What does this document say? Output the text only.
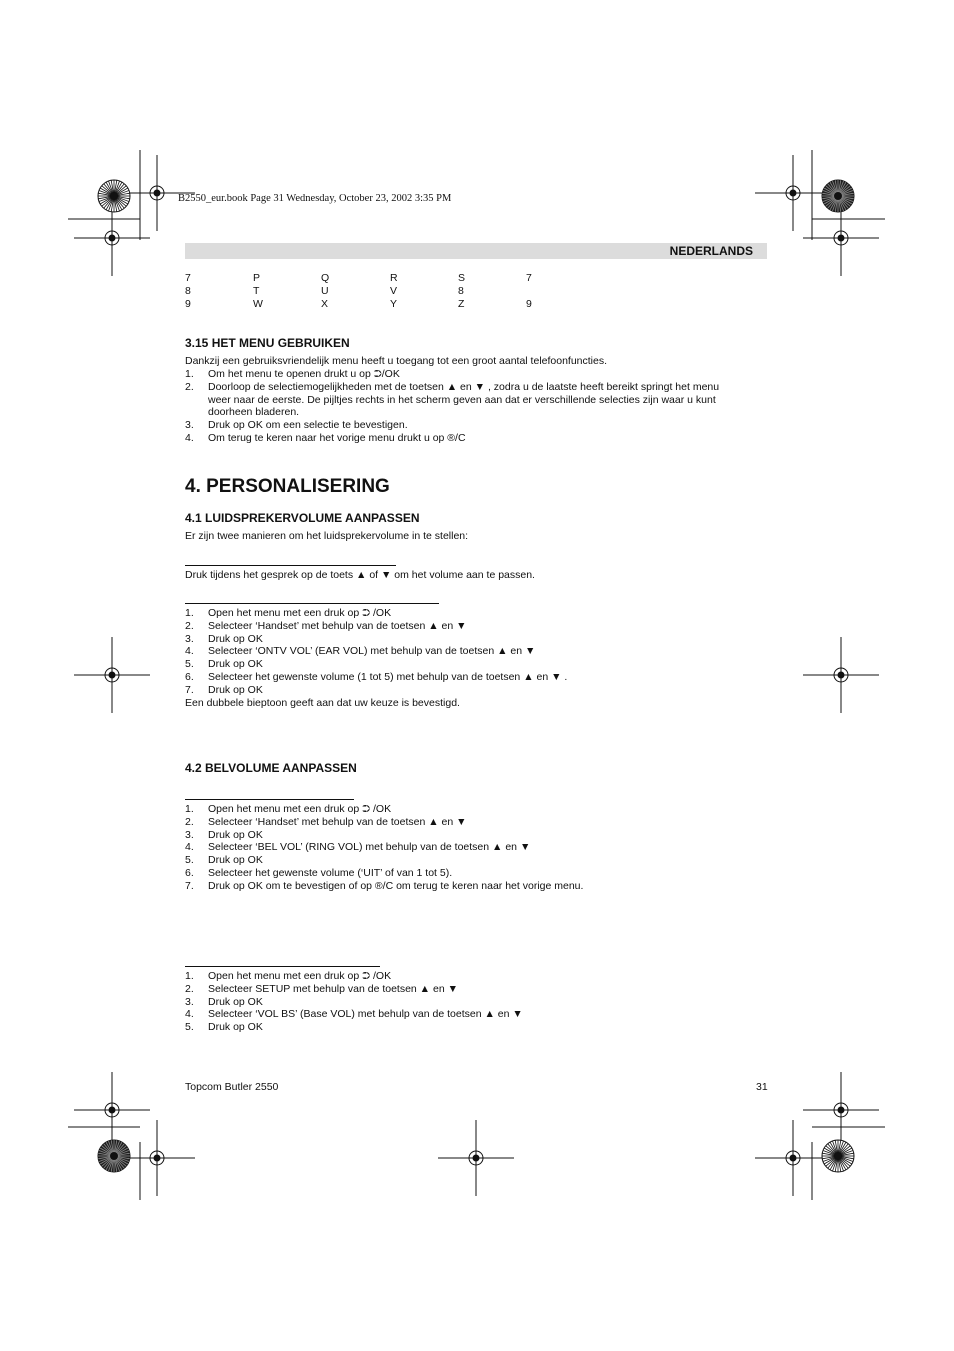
B2550_eur.book Page 31 Wednesday, October 23, 2002 3:35 PM
NEDERLANDS
7	P	Q	R	S	7
8	T	U	V	8
9	W	X	Y	Z	9
3.15 HET MENU GEBRUIKEN
Dankzij een gebruiksvriendelijk menu heeft u toegang tot een groot aantal telefoonfuncties.
1. Om het menu te openen drukt u op ⮊/OK
2. Doorloop de selectiemogelijkheden met de toetsen ▲ en ▼ , zodra u de laatste heeft bereikt springt het menu
weer naar de eerste. De pijltjes rechts in het scherm geven aan dat er verschillende selecties zijn waar u kunt
doorheen bladeren.
3. Druk op OK om een selectie te bevestigen.
4. Om terug te keren naar het vorige menu drukt u op ®/C
4. PERSONALISERING
4.1 LUIDSPREKERVOLUME AANPASSEN
Er zijn twee manieren om het luidsprekervolume in te stellen:
Druk tijdens het gesprek op de toets ▲ of ▼ om het volume aan te passen.
1. Open het menu met een druk op ⮊ /OK
2. Selecteer ‘Handset’ met behulp van de toetsen ▲ en ▼
3. Druk op OK
4. Selecteer ‘ONTV VOL’ (EAR VOL) met behulp van de toetsen ▲ en ▼
5. Druk op OK
6. Selecteer het gewenste volume (1 tot 5) met behulp van de toetsen ▲ en ▼ .
7. Druk op OK
Een dubbele bieptoon geeft aan dat uw keuze is bevestigd.
4.2 BELVOLUME AANPASSEN
1. Open het menu met een druk op ⮊ /OK
2. Selecteer ‘Handset’ met behulp van de toetsen ▲ en ▼
3. Druk op OK
4. Selecteer ‘BEL VOL’ (RING VOL) met behulp van de toetsen ▲ en ▼
5. Druk op OK
6. Selecteer het gewenste volume (‘UIT’ of van 1 tot 5).
7. Druk op OK om te bevestigen of op ®/C om terug te keren naar het vorige menu.
1. Open het menu met een druk op ⮊ /OK
2. Selecteer SETUP met behulp van de toetsen ▲ en ▼
3. Druk op OK
4. Selecteer ‘VOL BS’ (Base VOL) met behulp van de toetsen ▲ en ▼
5. Druk op OK
Topcom Butler 2550	31
